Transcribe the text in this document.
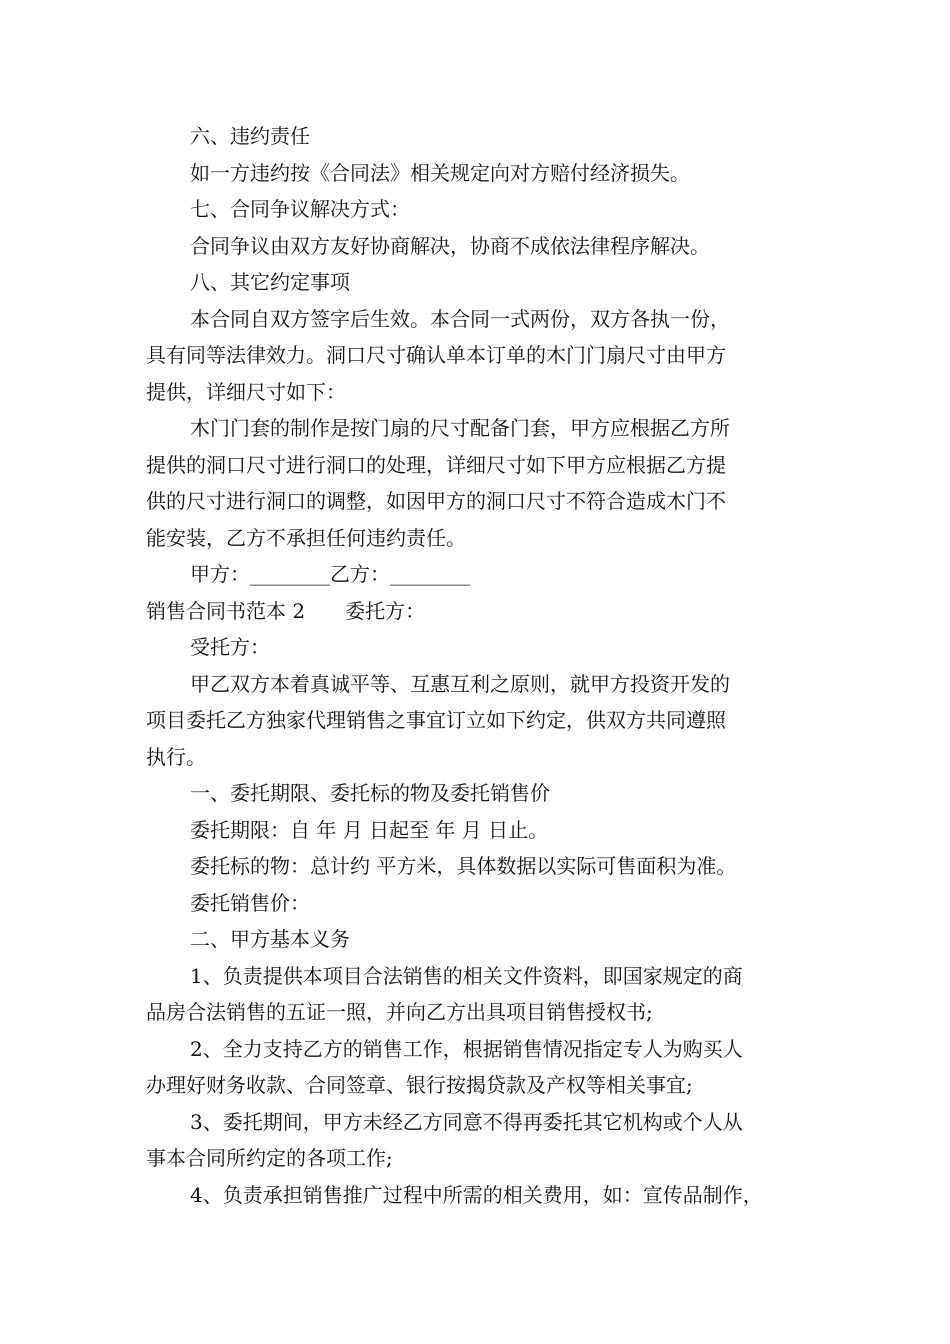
六、违约责任
如一方违约按《合同法》相关规定向对方赔付经济损失。
七、合同争议解决方式：
合同争议由双方友好协商解决，协商不成依法律程序解决。
八、其它约定事项
本合同自双方签字后生效。本合同一式两份，双方各执一份，
具有同等法律效力。洞口尺寸确认单本订单的木门门扇尺寸由甲方
提供，详细尺寸如下：
木门门套的制作是按门扇的尺寸配备门套，甲方应根据乙方所
提供的洞口尺寸进行洞口的处理，详细尺寸如下甲方应根据乙方提
供的尺寸进行洞口的调整，如因甲方的洞口尺寸不符合造成木门不
能安装，乙方不承担任何违约责任。
甲方：________乙方：________
销售合同书范本 2 委托方：
受托方：
甲乙双方本着真诚平等、互惠互利之原则，就甲方投资开发的
项目委托乙方独家代理销售之事宜订立如下约定，供双方共同遵照
执行。
一、委托期限、委托标的物及委托销售价
委托期限：自 年 月 日起至 年 月 日止。
委托标的物：总计约 平方米，具体数据以实际可售面积为准。
委托销售价：
二、甲方基本义务
1、负责提供本项目合法销售的相关文件资料，即国家规定的商
品房合法销售的五证一照，并向乙方出具项目销售授权书;
2、全力支持乙方的销售工作，根据销售情况指定专人为购买人
办理好财务收款、合同签章、银行按揭贷款及产权等相关事宜;
3、委托期间，甲方未经乙方同意不得再委托其它机构或个人从
事本合同所约定的各项工作;
4、负责承担销售推广过程中所需的相关费用，如：宣传品制作，
